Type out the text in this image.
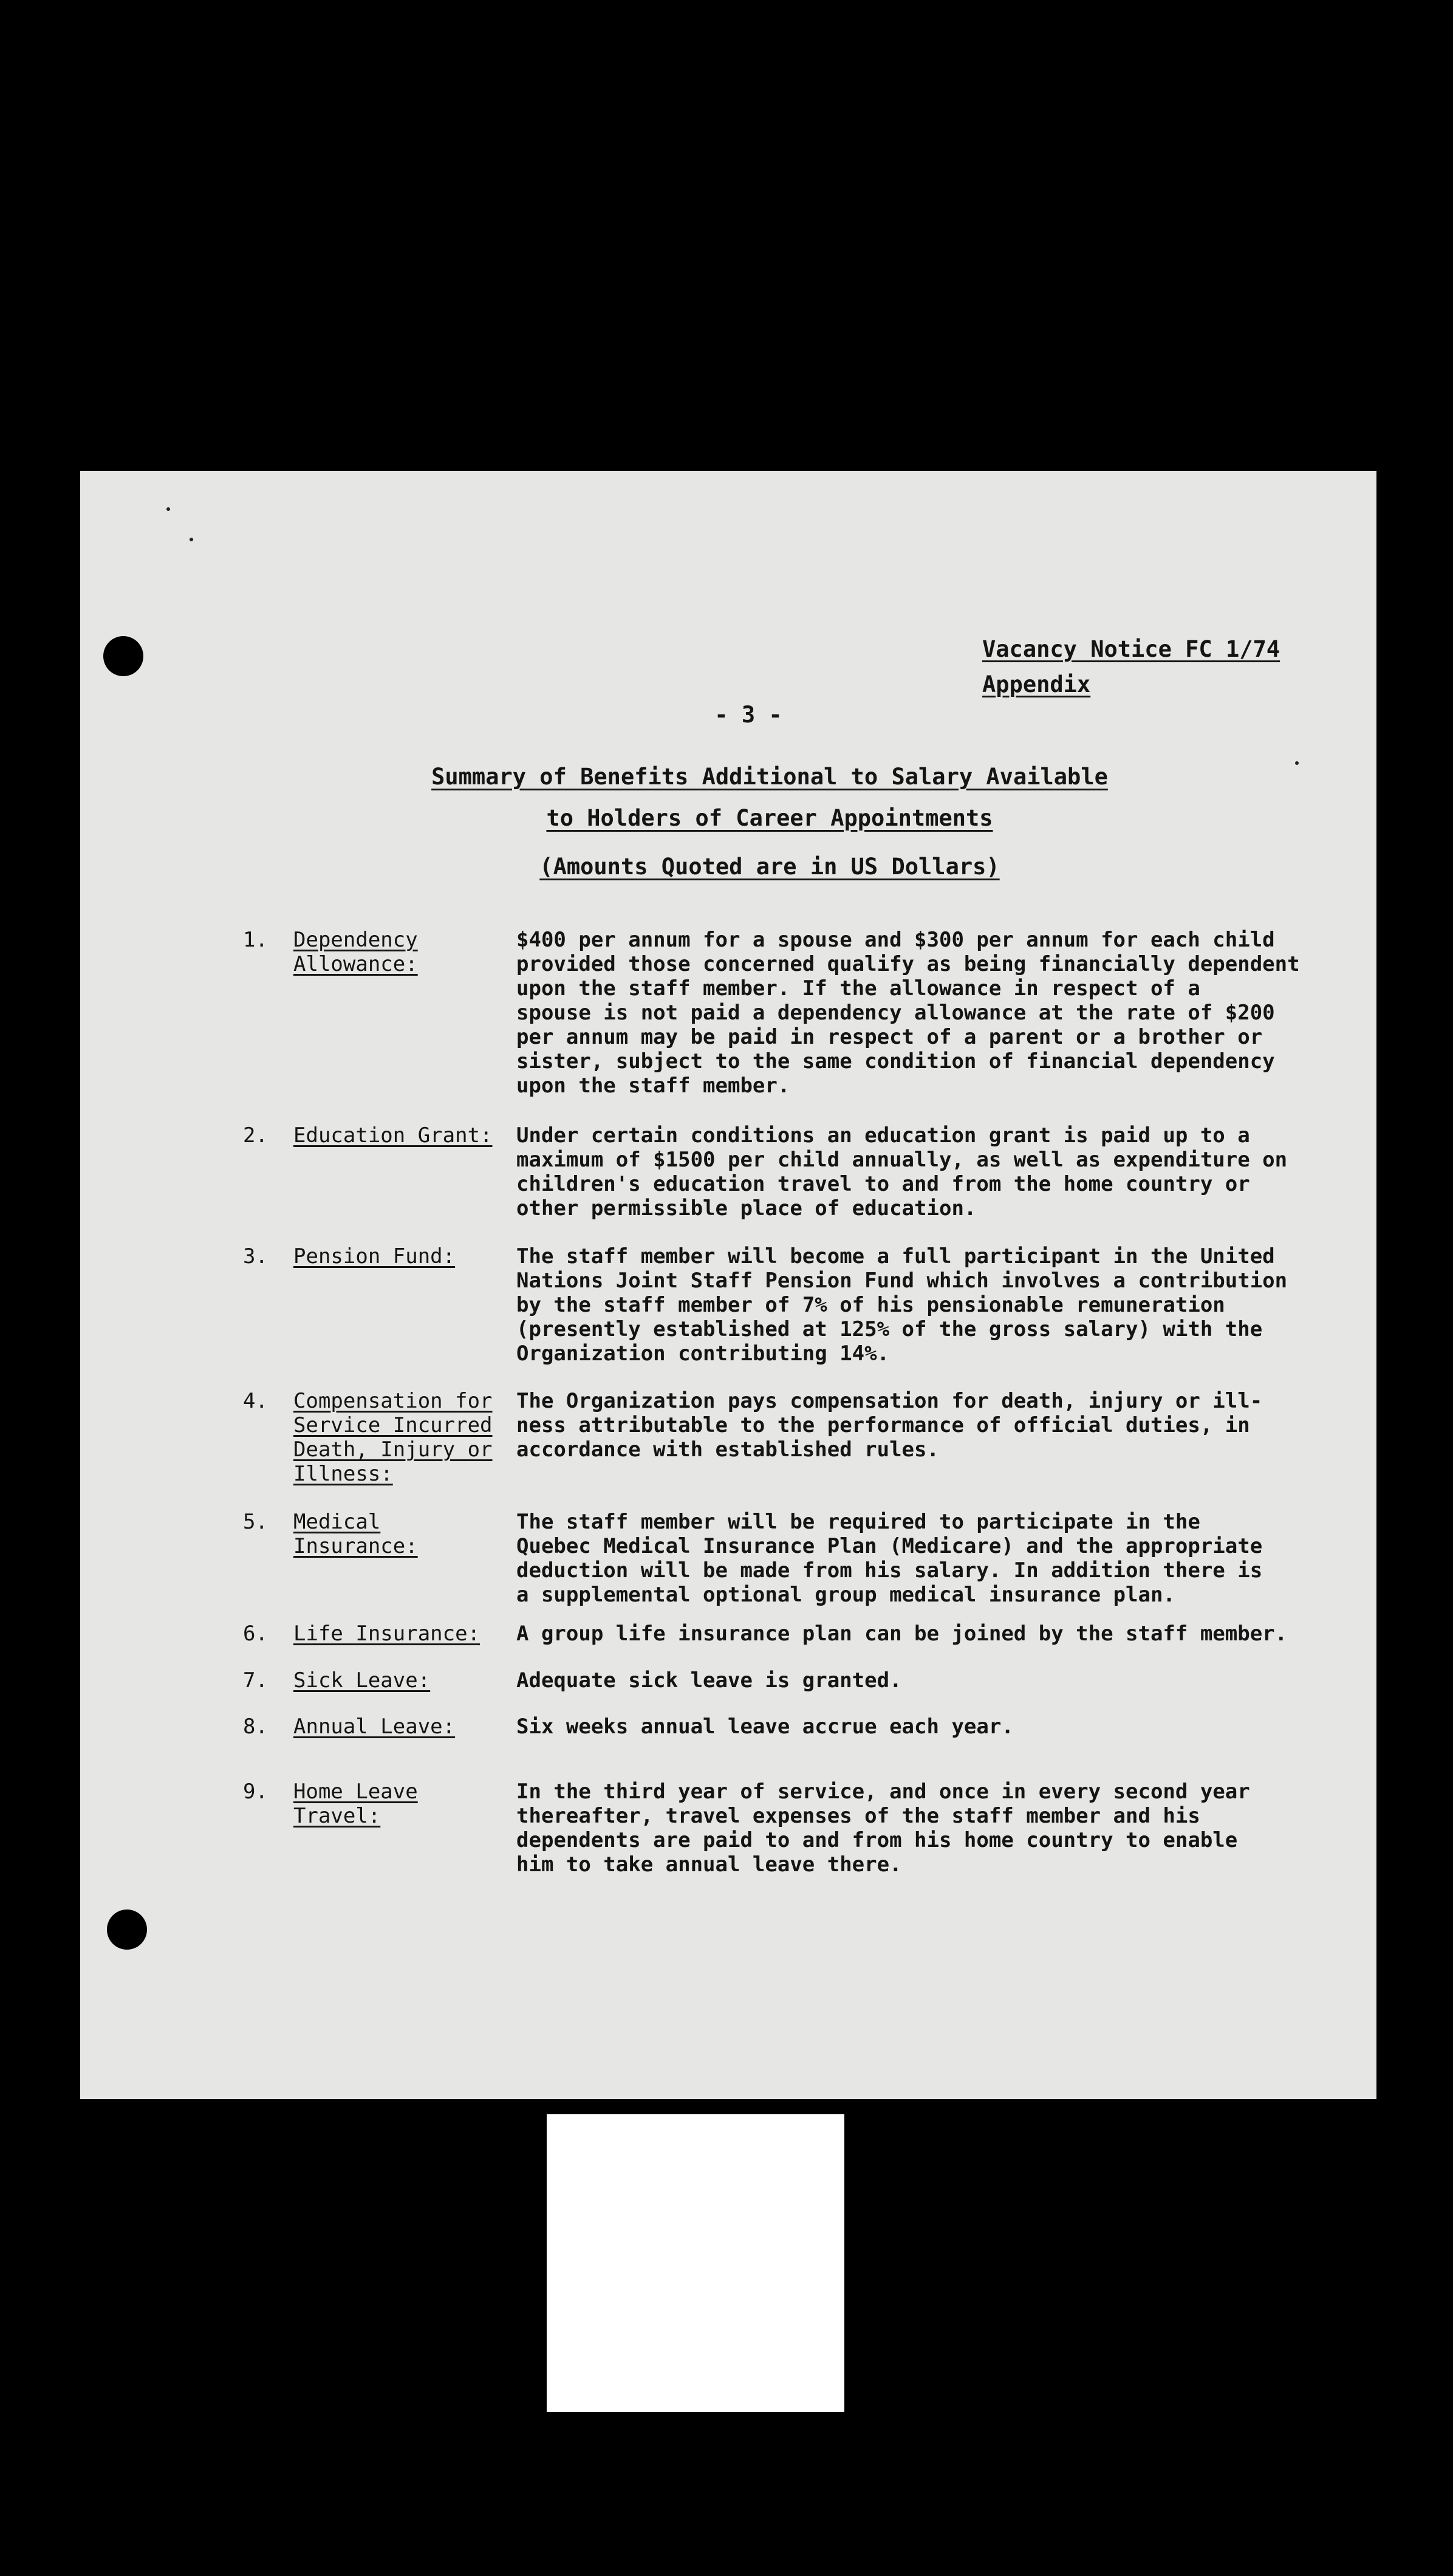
Vacancy Notice FC 1/74
Appendix
- 3 -
Summary of Benefits Additional to Salary Available
to Holders of Career Appointments
(Amounts Quoted are in US Dollars)
1.	Dependency Allowance:
$400 per annum for a spouse and $300 per annum for each child
provided those concerned qualify as being financially dependent
upon the staff member. If the allowance in respect of a
spouse is not paid a dependency allowance at the rate of $200
per annum may be paid in respect of a parent or a brother or
sister, subject to the same condition of financial dependency
upon the staff member.
2.	Education Grant:	Under certain conditions an education grant is paid up to a
maximum of $1500 per child annually, as well as expenditure on
children's education travel to and from the home country or
other permissible place of education.
3.	Pension Fund:	The staff member will become a full participant in the United
Nations Joint Staff Pension Fund which involves a contribution
by the staff member of 7% of his pensionable remuneration
(presently established at 125% of the gross salary) with the
Organization contributing 14%.
4.	Compensation for Service Incurred Death, Injury or Illness:
The Organization pays compensation for death, injury or ill-
ness attributable to the performance of official duties, in
accordance with established rules.
5.	Medical Insurance:
The staff member will be required to participate in the
Quebec Medical Insurance Plan (Medicare) and the appropriate
deduction will be made from his salary. In addition there is
a supplemental optional group medical insurance plan.
6.	Life Insurance:	A group life insurance plan can be joined by the staff member.
7.	Sick Leave:	Adequate sick leave is granted.
8.	Annual Leave:	Six weeks annual leave accrue each year.
9.	Home Leave Travel:
In the third year of service, and once in every second year
thereafter, travel expenses of the staff member and his
dependents are paid to and from his home country to enable
him to take annual leave there.
